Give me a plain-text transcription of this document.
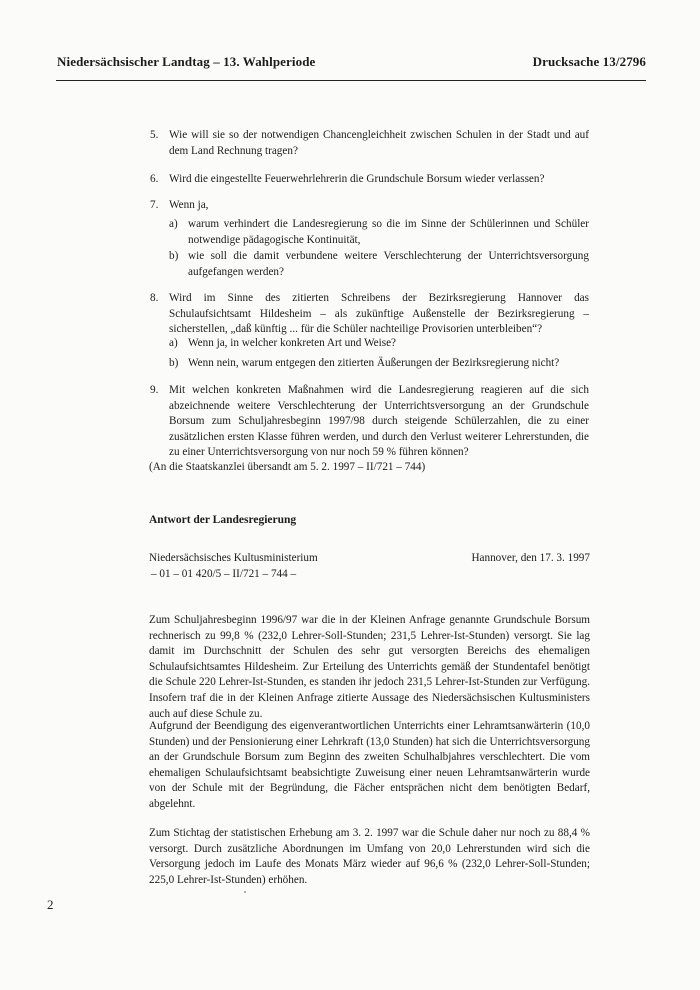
Niedersächsischer Landtag – 13. Wahlperiode	Drucksache 13/2796
5. Wie will sie so der notwendigen Chancengleichheit zwischen Schulen in der Stadt und auf dem Land Rechnung tragen?
6. Wird die eingestellte Feuerwehrlehrerin die Grundschule Borsum wieder verlassen?
7. Wenn ja,
a) warum verhindert die Landesregierung so die im Sinne der Schülerinnen und Schüler notwendige pädagogische Kontinuität,
b) wie soll die damit verbundene weitere Verschlechterung der Unterrichtsversorgung aufgefangen werden?
8. Wird im Sinne des zitierten Schreibens der Bezirksregierung Hannover das Schulaufsichtsamt Hildesheim – als zukünftige Außenstelle der Bezirksregierung – sicherstellen, „daß künftig ... für die Schüler nachteilige Provisorien unterbleiben“?
a) Wenn ja, in welcher konkreten Art und Weise?
b) Wenn nein, warum entgegen den zitierten Äußerungen der Bezirksregierung nicht?
9. Mit welchen konkreten Maßnahmen wird die Landesregierung reagieren auf die sich abzeichnende weitere Verschlechterung der Unterrichtsversorgung an der Grundschule Borsum zum Schuljahresbeginn 1997/98 durch steigende Schülerzahlen, die zu einer zusätzlichen ersten Klasse führen werden, und durch den Verlust weiterer Lehrerstunden, die zu einer Unterrichtsversorgung von nur noch 59 % führen können?
(An die Staatskanzlei übersandt am 5. 2. 1997 – II/721 – 744)
Antwort der Landesregierung
Niedersächsisches Kultusministerium
– 01 – 01 420/5 – II/721 – 744 –
Hannover, den 17. 3. 1997
Zum Schuljahresbeginn 1996/97 war die in der Kleinen Anfrage genannte Grundschule Borsum rechnerisch zu 99,8 % (232,0 Lehrer-Soll-Stunden; 231,5 Lehrer-Ist-Stunden) versorgt. Sie lag damit im Durchschnitt der Schulen des sehr gut versorgten Bereichs des ehemaligen Schulaufsichtsamtes Hildesheim. Zur Erteilung des Unterrichts gemäß der Stundentafel benötigt die Schule 220 Lehrer-Ist-Stunden, es standen ihr jedoch 231,5 Lehrer-Ist-Stunden zur Verfügung. Insofern traf die in der Kleinen Anfrage zitierte Aussage des Niedersächsischen Kultusministers auch auf diese Schule zu.
Aufgrund der Beendigung des eigenverantwortlichen Unterrichts einer Lehramtsanwärterin (10,0 Stunden) und der Pensionierung einer Lehrkraft (13,0 Stunden) hat sich die Unterrichtsversorgung an der Grundschule Borsum zum Beginn des zweiten Schulhalbjahres verschlechtert. Die vom ehemaligen Schulaufsichtsamt beabsichtigte Zuweisung einer neuen Lehramtsanwärterin wurde von der Schule mit der Begründung, die Fächer entsprächen nicht dem benötigten Bedarf, abgelehnt.
Zum Stichtag der statistischen Erhebung am 3. 2. 1997 war die Schule daher nur noch zu 88,4 % versorgt. Durch zusätzliche Abordnungen im Umfang von 20,0 Lehrerstunden wird sich die Versorgung jedoch im Laufe des Monats März wieder auf 96,6 % (232,0 Lehrer-Soll-Stunden; 225,0 Lehrer-Ist-Stunden) erhöhen.
2
